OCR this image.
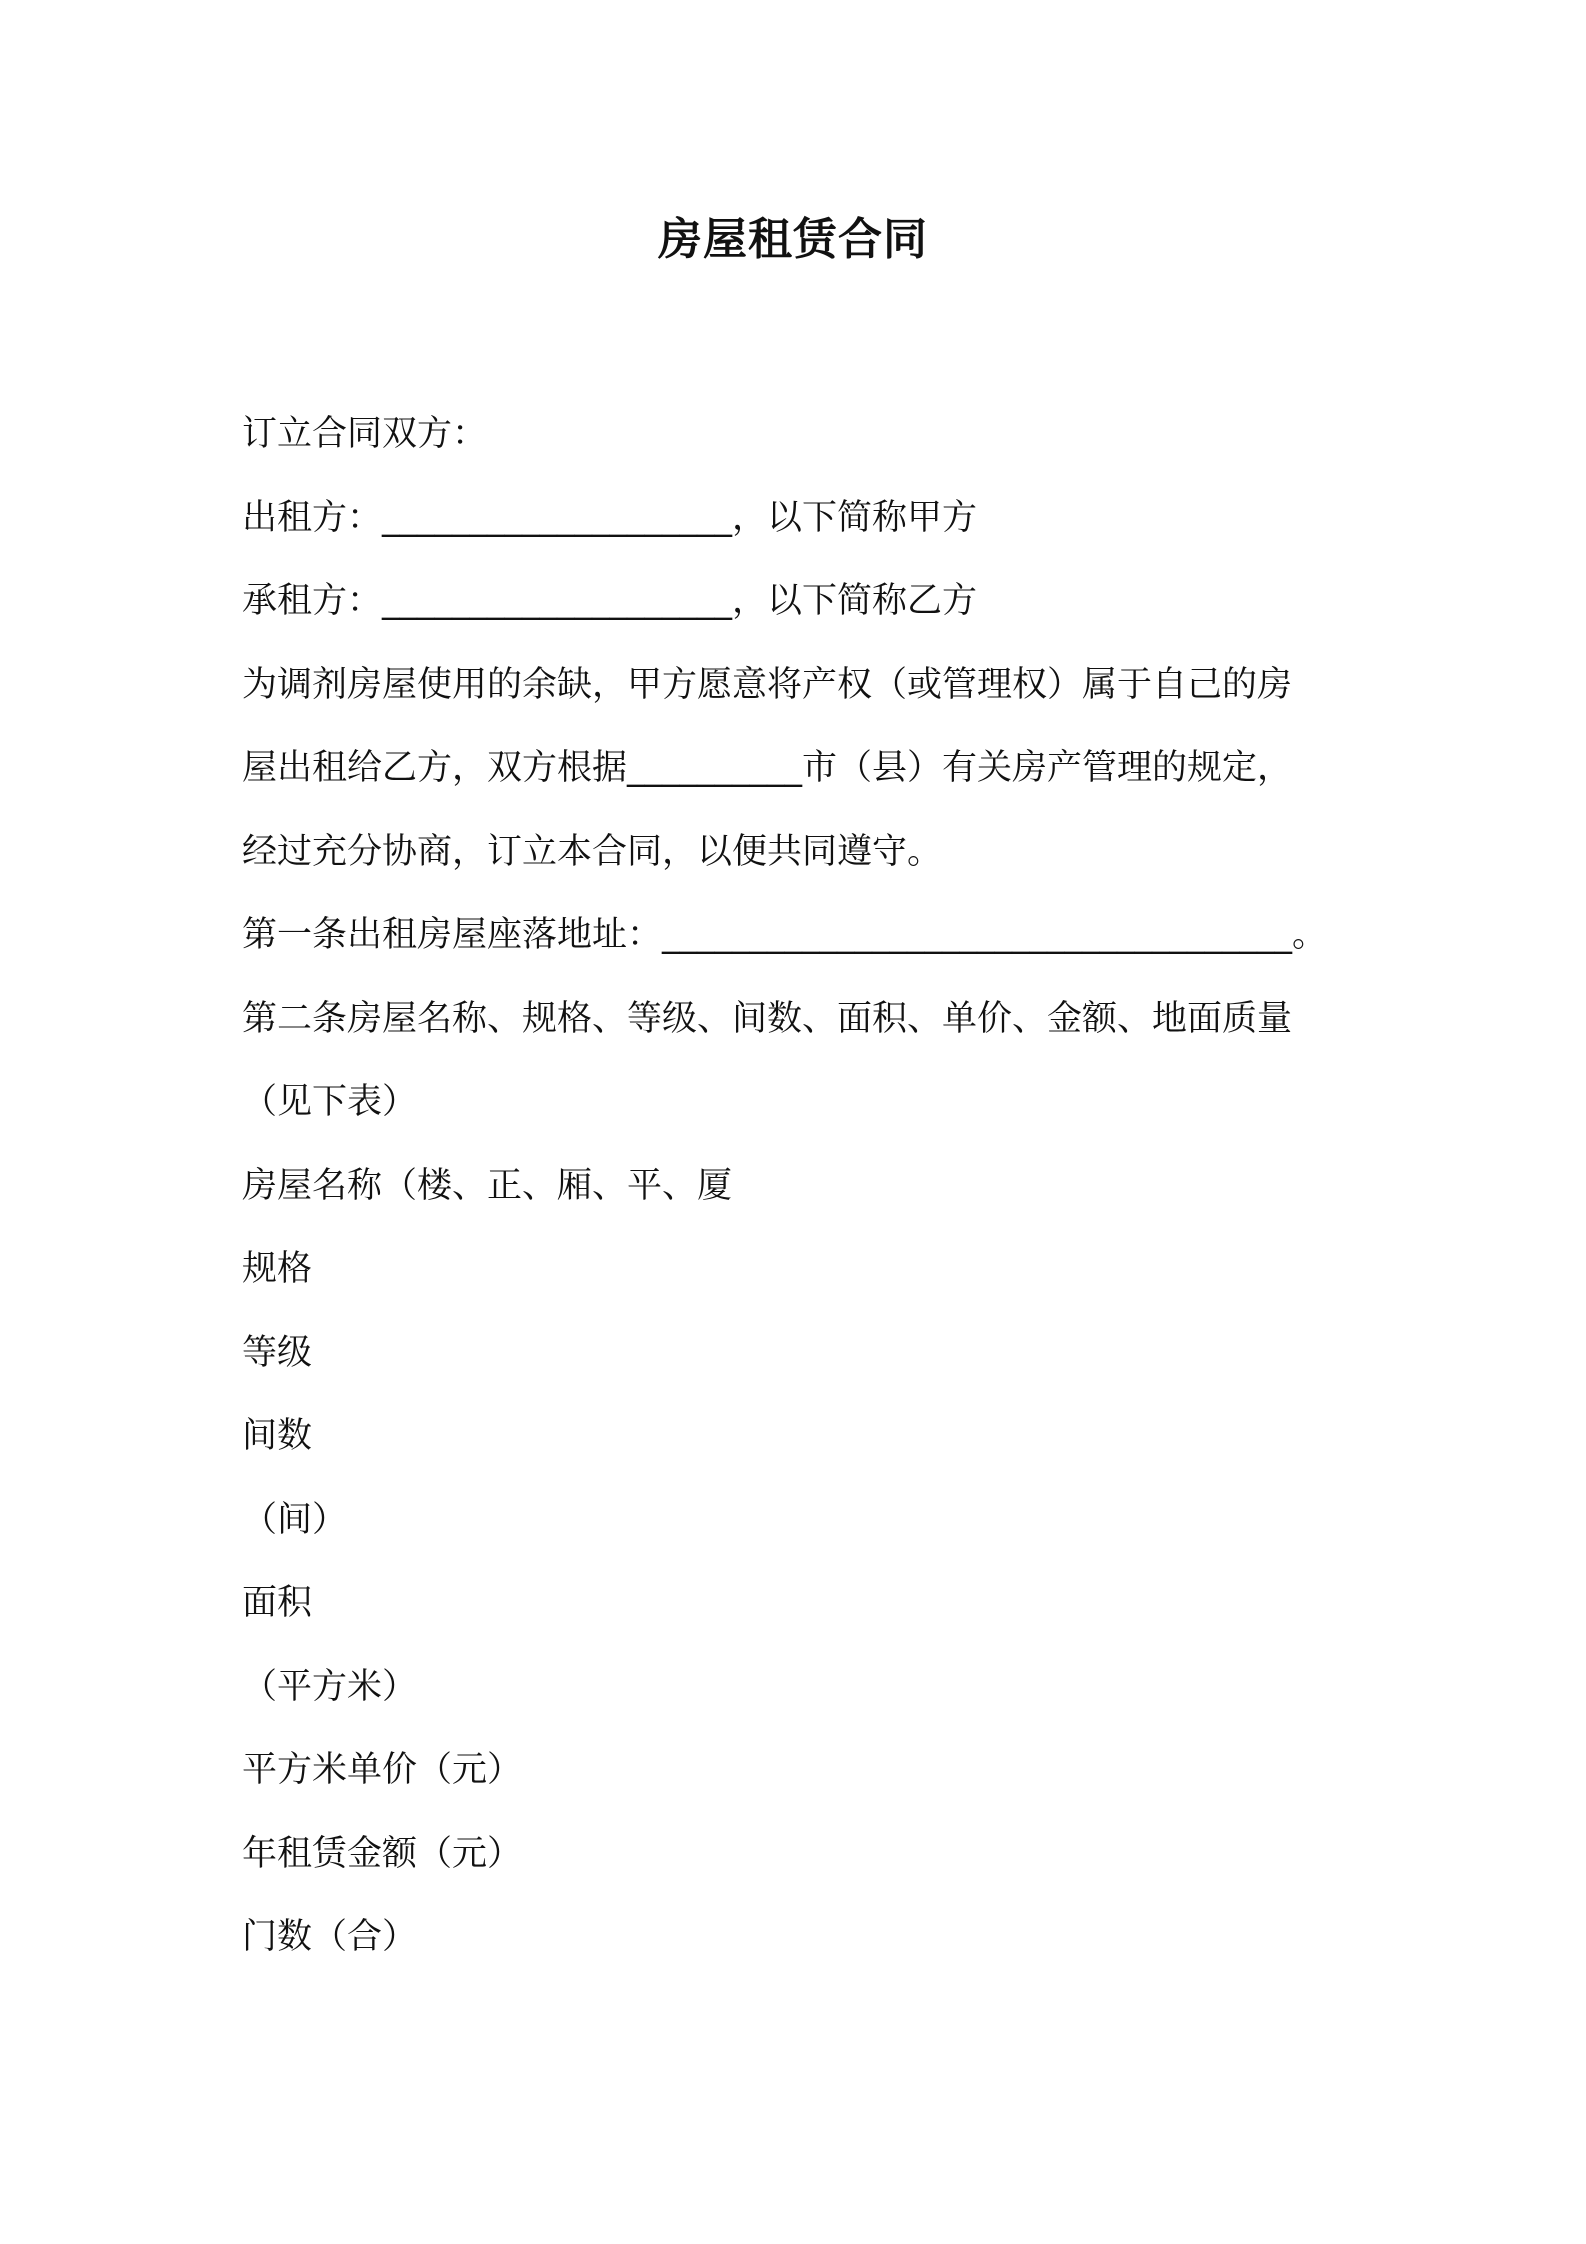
房屋租赁合同
订立合同双方：
出租方：____________________，以下简称甲方
承租方：____________________，以下简称乙方
为调剂房屋使用的余缺，甲方愿意将产权（或管理权）属于自己的房
屋出租给乙方，双方根据__________市（县）有关房产管理的规定，
经过充分协商，订立本合同，以便共同遵守。
第一条出租房屋座落地址：____________________________________。
第二条房屋名称、规格、等级、间数、面积、单价、金额、地面质量
（见下表）
房屋名称（楼、正、厢、平、厦
规格
等级
间数
（间）
面积
（平方米）
平方米单价（元）
年租赁金额（元）
门数（合）
